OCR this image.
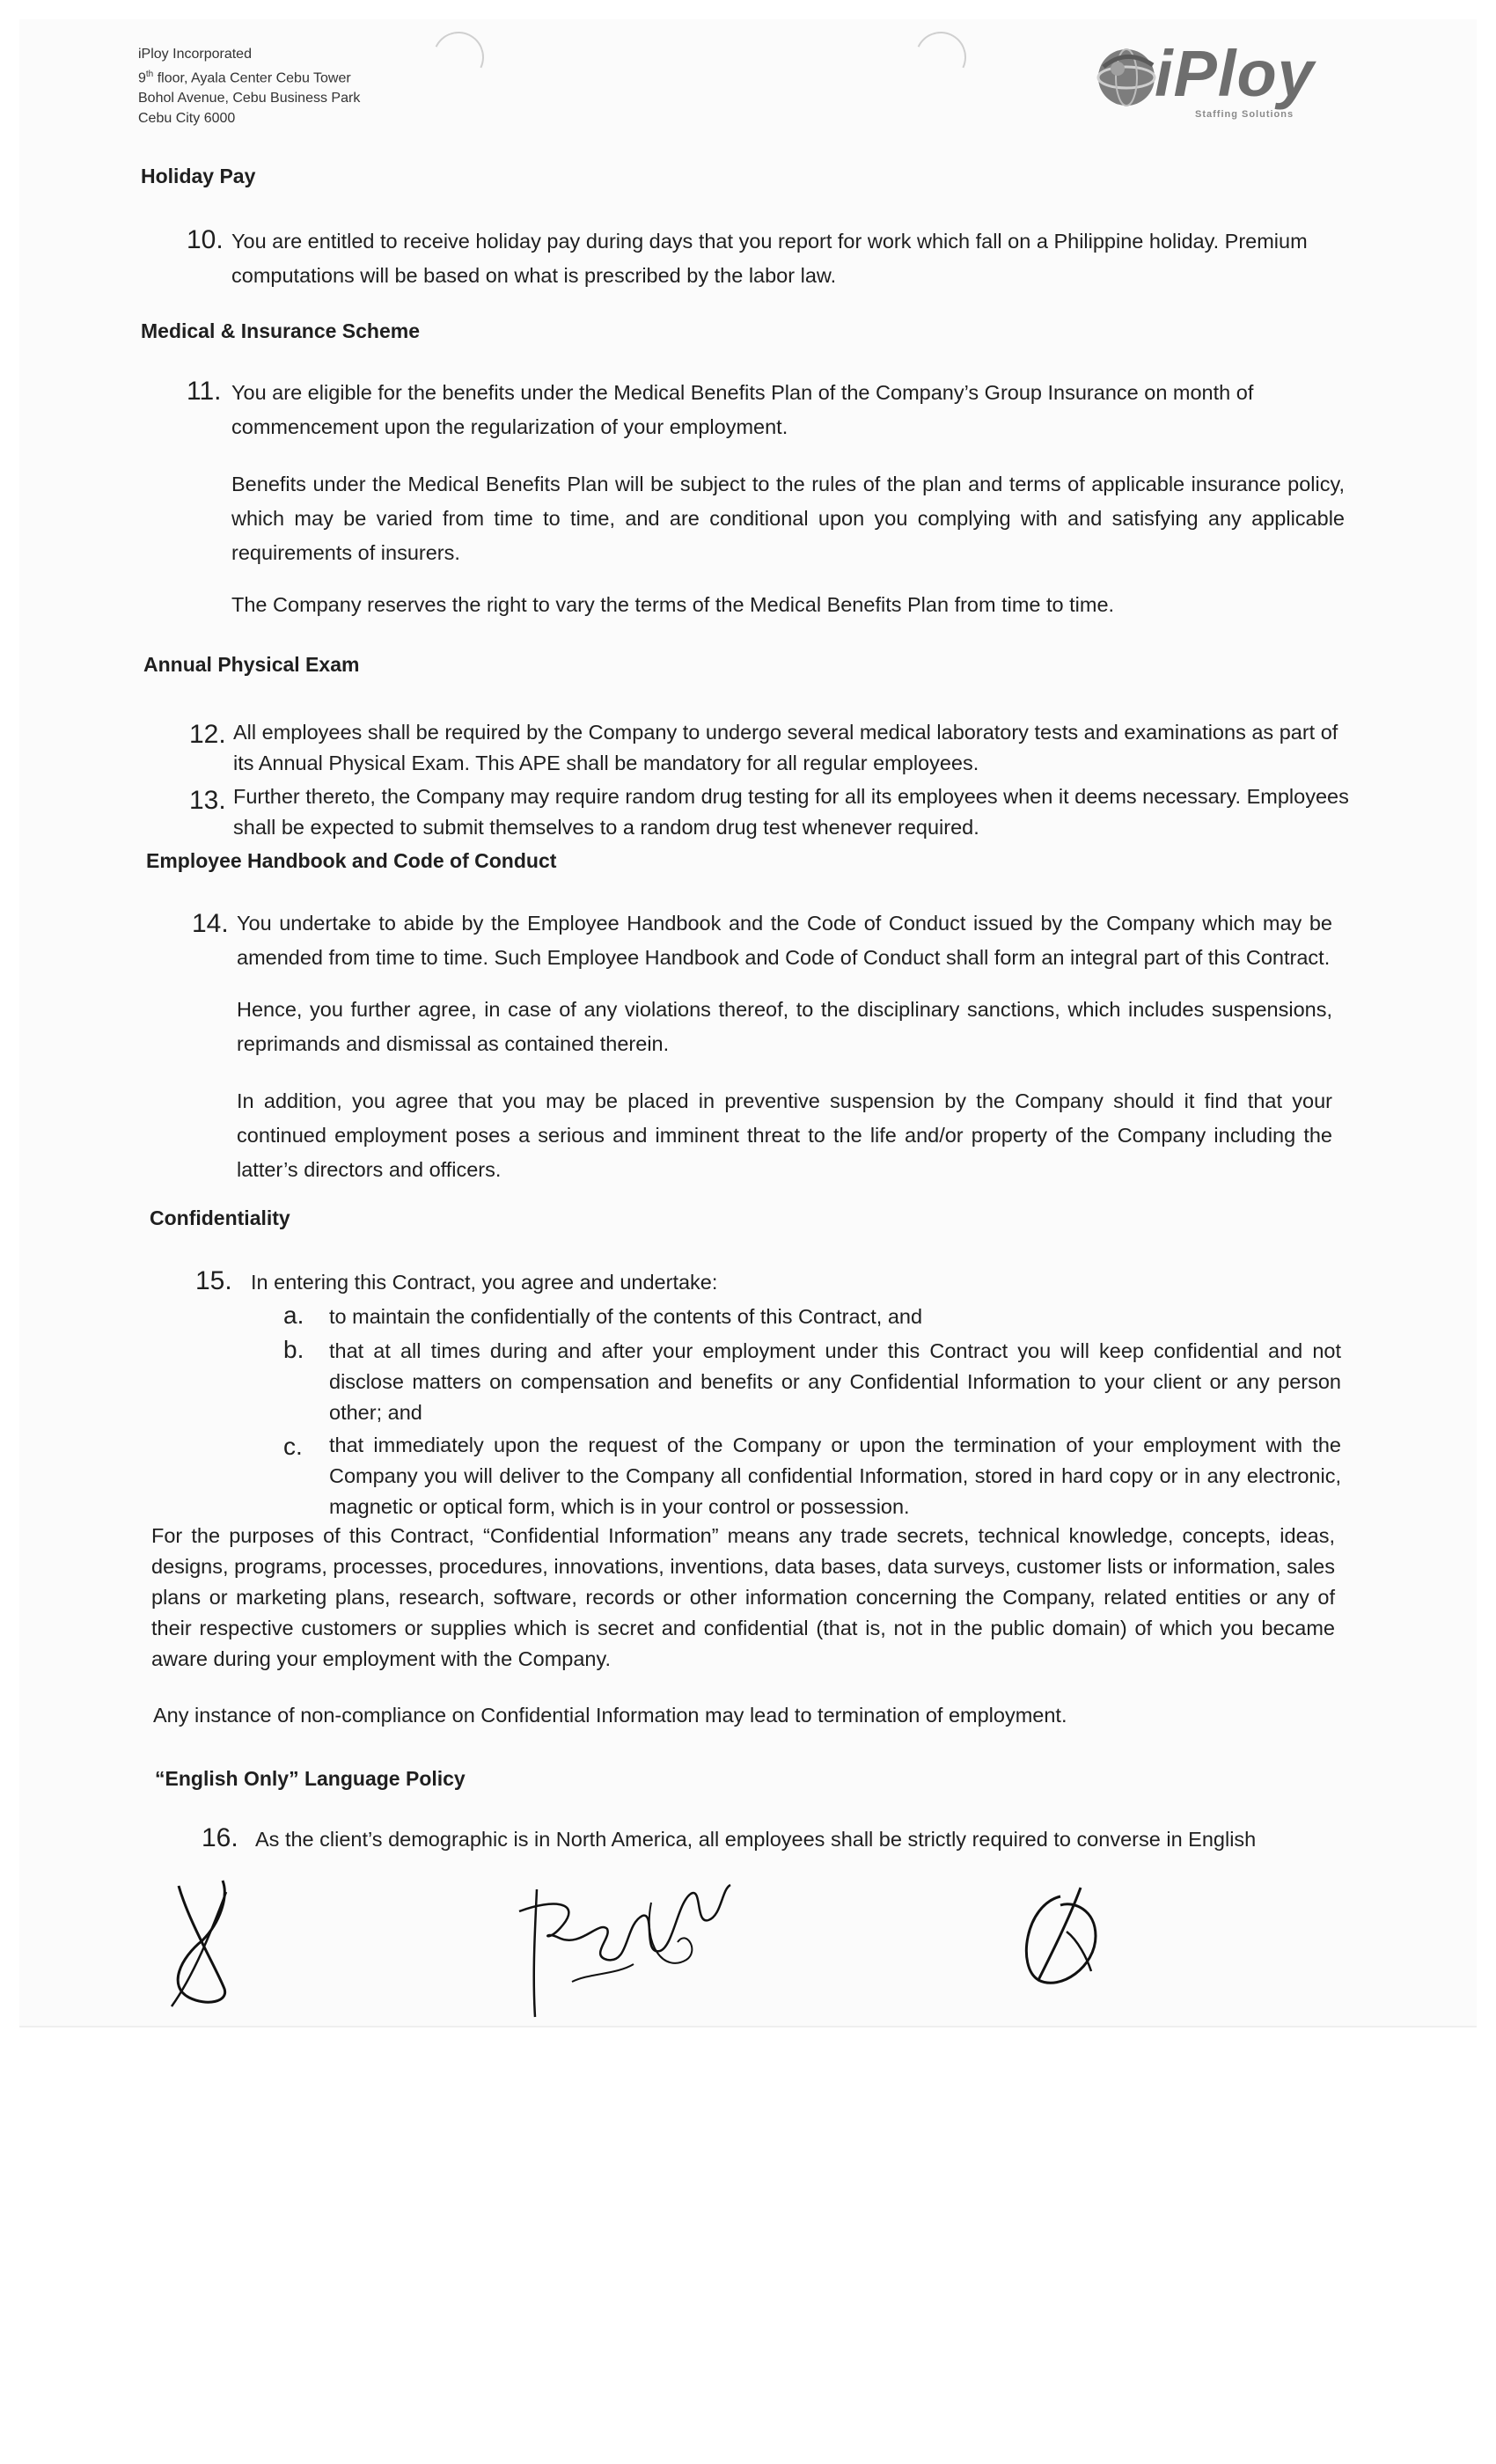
iPloy Incorporated
9th floor, Ayala Center Cebu Tower
Bohol Avenue, Cebu Business Park
Cebu City 6000
iPloy
Staffing Solutions
Holiday Pay
10. You are entitled to receive holiday pay during days that you report for work which fall on a Philippine holiday. Premium computations will be based on what is prescribed by the labor law.
Medical & Insurance Scheme
11. You are eligible for the benefits under the Medical Benefits Plan of the Company’s Group Insurance on month of commencement upon the regularization of your employment.
Benefits under the Medical Benefits Plan will be subject to the rules of the plan and terms of applicable insurance policy, which may be varied from time to time, and are conditional upon you complying with and satisfying any applicable requirements of insurers.
The Company reserves the right to vary the terms of the Medical Benefits Plan from time to time.
Annual Physical Exam
12. All employees shall be required by the Company to undergo several medical laboratory tests and examinations as part of its Annual Physical Exam. This APE shall be mandatory for all regular employees.
13. Further thereto, the Company may require random drug testing for all its employees when it deems necessary. Employees shall be expected to submit themselves to a random drug test whenever required.
Employee Handbook and Code of Conduct
14. You undertake to abide by the Employee Handbook and the Code of Conduct issued by the Company which may be amended from time to time. Such Employee Handbook and Code of Conduct shall form an integral part of this Contract.
Hence, you further agree, in case of any violations thereof, to the disciplinary sanctions, which includes suspensions, reprimands and dismissal as contained therein.
In addition, you agree that you may be placed in preventive suspension by the Company should it find that your continued employment poses a serious and imminent threat to the life and/or property of the Company including the latter’s directors and officers.
Confidentiality
15. In entering this Contract, you agree and undertake:
a. to maintain the confidentially of the contents of this Contract, and
b. that at all times during and after your employment under this Contract you will keep confidential and not disclose matters on compensation and benefits or any Confidential Information to your client or any person other; and
c. that immediately upon the request of the Company or upon the termination of your employment with the Company you will deliver to the Company all confidential Information, stored in hard copy or in any electronic, magnetic or optical form, which is in your control or possession.
For the purposes of this Contract, “Confidential Information” means any trade secrets, technical knowledge, concepts, ideas, designs, programs, processes, procedures, innovations, inventions, data bases, data surveys, customer lists or information, sales plans or marketing plans, research, software, records or other information concerning the Company, related entities or any of their respective customers or supplies which is secret and confidential (that is, not in the public domain) of which you became aware during your employment with the Company.
Any instance of non-compliance on Confidential Information may lead to termination of employment.
“English Only” Language Policy
16. As the client’s demographic is in North America, all employees shall be strictly required to converse in English
